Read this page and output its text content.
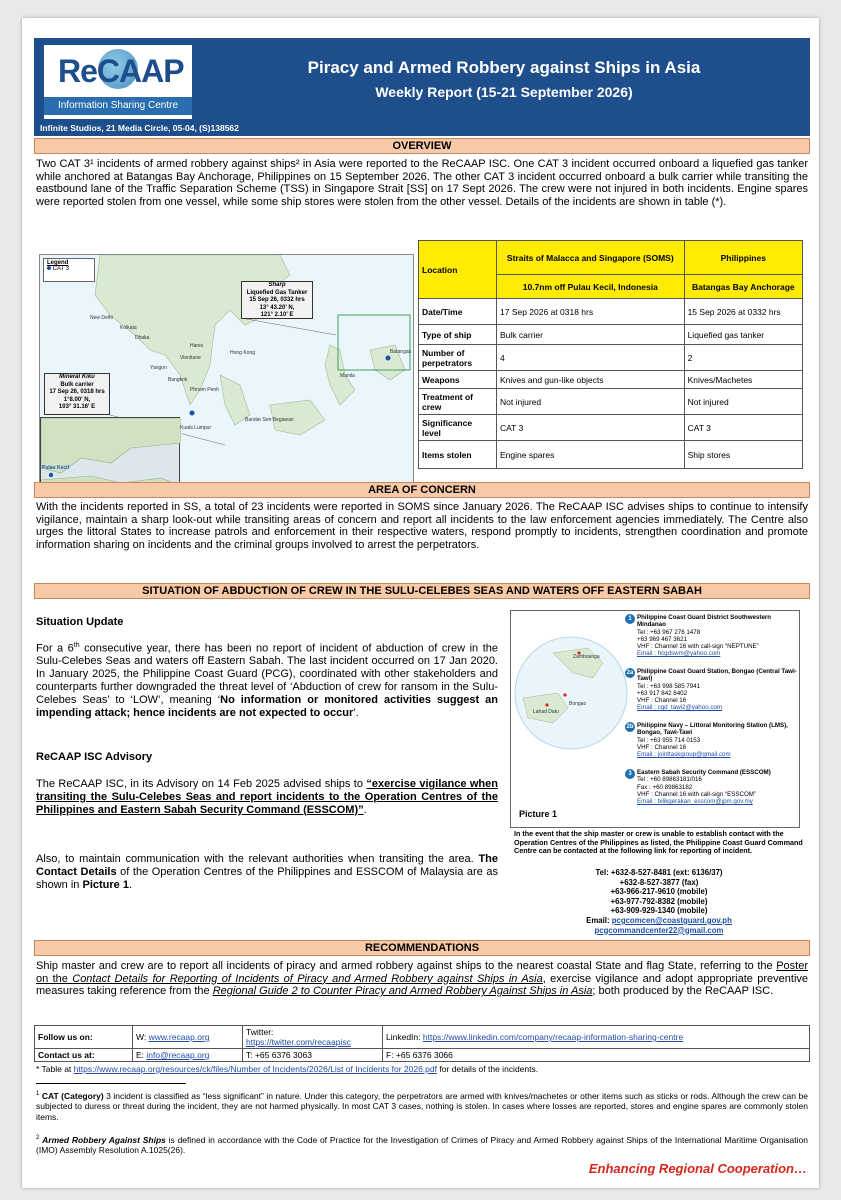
ReCAAP
Information Sharing Centre
Piracy and Armed Robbery against Ships in Asia
Weekly Report (15-21 September 2026)
Infinite Studios, 21 Media Circle, 05-04, (S)138562
OVERVIEW
Two CAT 3¹ incidents of armed robbery against ships² in Asia were reported to the ReCAAP ISC. One CAT 3 incident occurred onboard a liquefied gas tanker while anchored at Batangas Bay Anchorage, Philippines on 15 September 2026. The other CAT 3 incident occurred onboard a bulk carrier while transiting the eastbound lane of the Traffic Separation Scheme (TSS) in Singapore Strait [SS] on 17 Sept 2026. The crew were not injured in both incidents. Engine spares were reported stolen from one vessel, while some ship stores were stolen from the other vessel. Details of the incidents are shown in table (*).
Legend
CAT 3
Sharp
Liquefied Gas Tanker
15 Sep 26, 0332 hrs
13° 43.20' N,
121° 2.10' E
Mineral Kiku
Bulk carrier
17 Sep 26, 0318 hrs
1°8.00' N,
103° 31.16' E
Batangas
Manila
Hanoi
Bangkok
Phnom Penh
Kuala Lumpur
Bandar Seri Begawan
Hong Kong
Yangon
Dhaka
New Delhi
Kolkata
Vientiane
Pulau Kecil
Location	Straits of Malacca and Singapore (SOMS)	Philippines
	10.7nm off Pulau Kecil, Indonesia	Batangas Bay Anchorage
Date/Time	17 Sep 2026 at 0318 hrs	15 Sep 2026 at 0332 hrs
Type of ship	Bulk carrier	Liquefied gas tanker
Number of perpetrators	4	2
Weapons	Knives and gun-like objects	Knives/Machetes
Treatment of crew	Not injured	Not injured
Significance level	CAT 3	CAT 3
Items stolen	Engine spares	Ship stores
AREA OF CONCERN
With the incidents reported in SS, a total of 23 incidents were reported in SOMS since January 2026. The ReCAAP ISC advises ships to continue to intensify vigilance, maintain a sharp look-out while transiting areas of concern and report all incidents to the law enforcement agencies immediately. The Centre also urges the littoral States to increase patrols and enforcement in their respective waters, respond promptly to incidents, strengthen coordination and promote information sharing on incidents and the criminal groups involved to arrest the perpetrators.
SITUATION OF ABDUCTION OF CREW IN THE SULU-CELEBES SEAS AND WATERS OFF EASTERN SABAH
Situation Update
For a 6th consecutive year, there has been no report of incident of abduction of crew in the Sulu-Celebes Seas and waters off Eastern Sabah. The last incident occurred on 17 Jan 2020. In January 2025, the Philippine Coast Guard (PCG), coordinated with other stakeholders and counterparts further downgraded the threat level of ‘Abduction of crew for ransom in the Sulu-Celebes Seas’ to ‘LOW’, meaning ‘No information or monitored activities suggest an impending attack; hence incidents are not expected to occur’.
ReCAAP ISC Advisory
The ReCAAP ISC, in its Advisory on 14 Feb 2025 advised ships to “exercise vigilance when transiting the Sulu-Celebes Seas and report incidents to the Operation Centres of the Philippines and Eastern Sabah Security Command (ESSCOM)”.
Also, to maintain communication with the relevant authorities when transiting the area. The Contact Details of the Operation Centres of the Philippines and ESSCOM of Malaysia are as shown in Picture 1.
Zamboanga
Bongao
Lahad Datu
Picture 1
1 Philippine Coast Guard District Southwestern Mindanao
Tel : +63 967 276 1478
+63 969 467 3621
VHF : Channel 16 with call-sign “NEPTUNE”
Email : hcgdswm@yahoo.com
2a Philippine Coast Guard Station, Bongao (Central Tawi-Tawi)
Tel : +63 998 585 7941
+63 917 842 8402
VHF : Channel 16
Email : cgd_tawi2@yahoo.com
2b Philippine Navy – Littoral Monitoring Station (LMS), Bongao, Tawi-Tawi
Tel : +63 955 714 0153
VHF : Channel 16
Email : jointtaskgroup@gmail.com
3 Eastern Sabah Security Command (ESSCOM)
Tel : +60 89863181/016
Fax : +60 89863182
VHF : Channel 16 with call-sign “ESSCOM”
Email : bilikgerakan_esscom@jpm.gov.my
In the event that the ship master or crew is unable to establish contact with the Operation Centres of the Philippines as listed, the Philippine Coast Guard Command Centre can be contacted at the following link for reporting of incident.
Tel: +632-8-527-8481 (ext: 6136/37)
+632-8-527-3877 (fax)
+63-966-217-9610 (mobile)
+63-977-792-8382 (mobile)
+63-909-929-1340 (mobile)
Email: pcgcomcen@coastguard.gov.ph
pcgcommandcenter22@gmail.com
RECOMMENDATIONS
Ship master and crew are to report all incidents of piracy and armed robbery against ships to the nearest coastal State and flag State, referring to the Poster on the Contact Details for Reporting of Incidents of Piracy and Armed Robbery against Ships in Asia, exercise vigilance and adopt appropriate preventive measures taking reference from the Regional Guide 2 to Counter Piracy and Armed Robbery Against Ships in Asia; both produced by the ReCAAP ISC.
Follow us on:	W: www.recaap.org	Twitter: https://twitter.com/recaapisc	LinkedIn: https://www.linkedin.com/company/recaap-information-sharing-centre
Contact us at:	E: info@recaap.org	T: +65 6376 3063	F: +65 6376 3066
* Table at https://www.recaap.org/resources/ck/files/Number of Incidents/2026/List of Incidents for 2026.pdf for details of the incidents.
$^1$ CAT (Category) 3 incident is classified as “less significant” in nature. Under this category, the perpetrators are armed with knives/machetes or other items such as sticks or rods. Although the crew can be subjected to duress or threat during the incident, they are not harmed physically. In most CAT 3 cases, nothing is stolen. In cases where losses are reported, stores and engine spares are commonly stolen items.
$^2$ Armed Robbery Against Ships is defined in accordance with the Code of Practice for the Investigation of Crimes of Piracy and Armed Robbery against Ships of the International Maritime Organisation (IMO) Assembly Resolution A.1025(26).
Enhancing Regional Cooperation…
